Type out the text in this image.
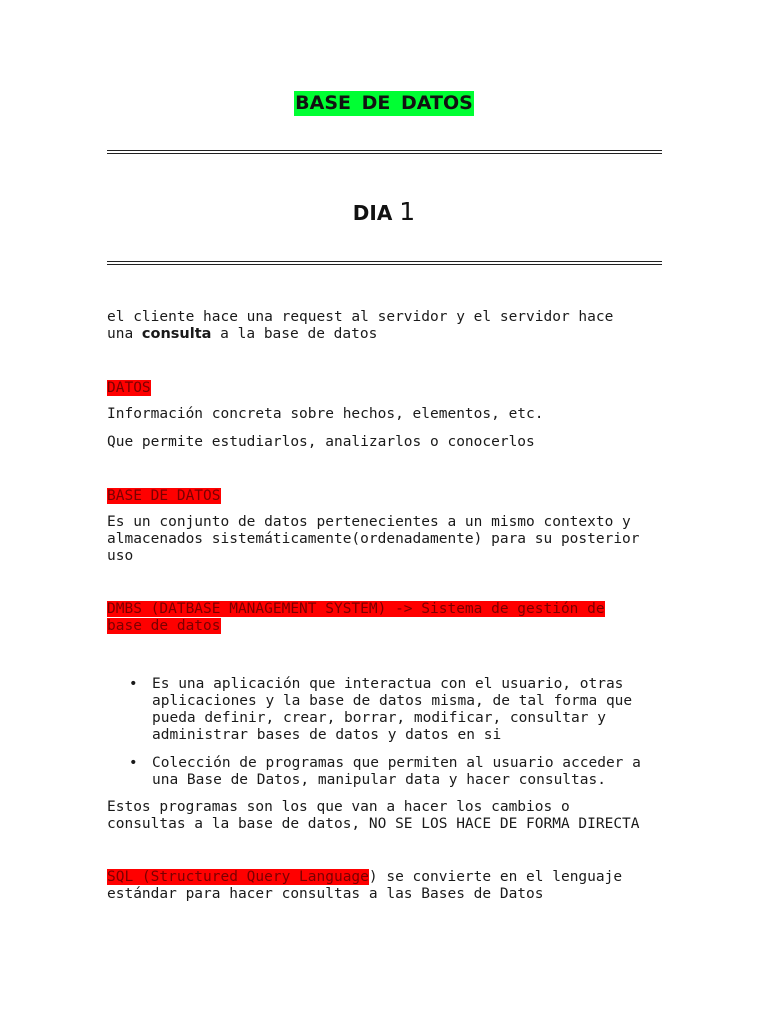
BASE DE DATOS
DIA 1
el cliente hace una request al servidor y el servidor hace
una consulta a la base de datos
DATOS
Información concreta sobre hechos, elementos, etc.
Que permite estudiarlos, analizarlos o conocerlos
BASE DE DATOS
Es un conjunto de datos pertenecientes a un mismo contexto y
almacenados sistemáticamente(ordenadamente) para su posterior
uso
DMBS (DATBASE MANAGEMENT SYSTEM) -> Sistema de gestión de
base de datos
• Es una aplicación que interactua con el usuario, otras
aplicaciones y la base de datos misma, de tal forma que
pueda definir, crear, borrar, modificar, consultar y
administrar bases de datos y datos en si
• Colección de programas que permiten al usuario acceder a
una Base de Datos, manipular data y hacer consultas.
Estos programas son los que van a hacer los cambios o
consultas a la base de datos, NO SE LOS HACE DE FORMA DIRECTA
SQL (Structured Query Language) se convierte en el lenguaje
estándar para hacer consultas a las Bases de Datos
